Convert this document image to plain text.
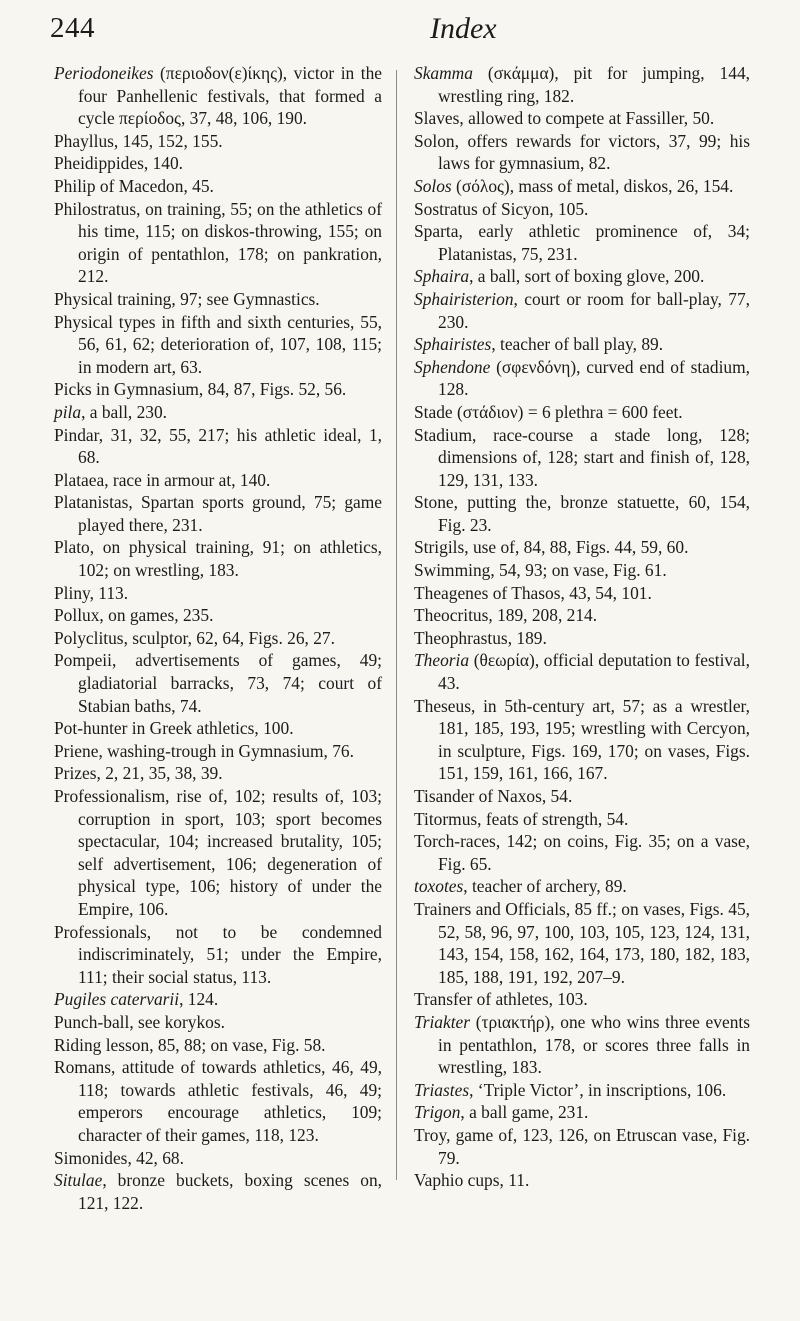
244	Index

Periodoneikes (περιοδον(ε)ίκης), victor in the four Panhellenic festivals, that formed a cycle περίοδος, 37, 48, 106, 190.

Phayllus, 145, 152, 155.

Pheidippides, 140.

Philip of Macedon, 45.

Philostratus, on training, 55; on the athletics of his time, 115; on diskos-throwing, 155; on origin of pentathlon, 178; on pankration, 212.

Physical training, 97; see Gymnastics.

Physical types in fifth and sixth centuries, 55, 56, 61, 62; deterioration of, 107, 108, 115; in modern art, 63.

Picks in Gymnasium, 84, 87, Figs. 52, 56.

pila, a ball, 230.

Pindar, 31, 32, 55, 217; his athletic ideal, 1, 68.

Plataea, race in armour at, 140.

Platanistas, Spartan sports ground, 75; game played there, 231.

Plato, on physical training, 91; on athletics, 102; on wrestling, 183.

Pliny, 113.

Pollux, on games, 235.

Polyclitus, sculptor, 62, 64, Figs. 26, 27.

Pompeii, advertisements of games, 49; gladiatorial barracks, 73, 74; court of Stabian baths, 74.

Pot-hunter in Greek athletics, 100.

Priene, washing-trough in Gymnasium, 76.

Prizes, 2, 21, 35, 38, 39.

Professionalism, rise of, 102; results of, 103; corruption in sport, 103; sport becomes spectacular, 104; increased brutality, 105; self advertisement, 106; degeneration of physical type, 106; history of under the Empire, 106.

Professionals, not to be condemned indiscriminately, 51; under the Empire, 111; their social status, 113.

Pugiles catervarii, 124.

Punch-ball, see korykos.

Riding lesson, 85, 88; on vase, Fig. 58.

Romans, attitude of towards athletics, 46, 49, 118; towards athletic festivals, 46, 49; emperors encourage athletics, 109; character of their games, 118, 123.

Simonides, 42, 68.

Situlae, bronze buckets, boxing scenes on, 121, 122.

Skamma (σκάμμα), pit for jumping, 144, wrestling ring, 182.

Slaves, allowed to compete at Fassiller, 50.

Solon, offers rewards for victors, 37, 99; his laws for gymnasium, 82.

Solos (σόλος), mass of metal, diskos, 26, 154.

Sostratus of Sicyon, 105.

Sparta, early athletic prominence of, 34; Platanistas, 75, 231.

Sphaira, a ball, sort of boxing glove, 200.

Sphairisterion, court or room for ball-play, 77, 230.

Sphairistes, teacher of ball play, 89.

Sphendone (σφενδόνη), curved end of stadium, 128.

Stade (στάδιον) = 6 plethra = 600 feet.

Stadium, race-course a stade long, 128; dimensions of, 128; start and finish of, 128, 129, 131, 133.

Stone, putting the, bronze statuette, 60, 154, Fig. 23.

Strigils, use of, 84, 88, Figs. 44, 59, 60.

Swimming, 54, 93; on vase, Fig. 61.

Theagenes of Thasos, 43, 54, 101.

Theocritus, 189, 208, 214.

Theophrastus, 189.

Theoria (θεωρία), official deputation to festival, 43.

Theseus, in 5th-century art, 57; as a wrestler, 181, 185, 193, 195; wrestling with Cercyon, in sculpture, Figs. 169, 170; on vases, Figs. 151, 159, 161, 166, 167.

Tisander of Naxos, 54.

Titormus, feats of strength, 54.

Torch-races, 142; on coins, Fig. 35; on a vase, Fig. 65.

toxotes, teacher of archery, 89.

Trainers and Officials, 85 ff.; on vases, Figs. 45, 52, 58, 96, 97, 100, 103, 105, 123, 124, 131, 143, 154, 158, 162, 164, 173, 180, 182, 183, 185, 188, 191, 192, 207–9.

Transfer of athletes, 103.

Triakter (τριακτήρ), one who wins three events in pentathlon, 178, or scores three falls in wrestling, 183.

Triastes, ‘Triple Victor’, in inscriptions, 106.

Trigon, a ball game, 231.

Troy, game of, 123, 126, on Etruscan vase, Fig. 79.

Vaphio cups, 11.
